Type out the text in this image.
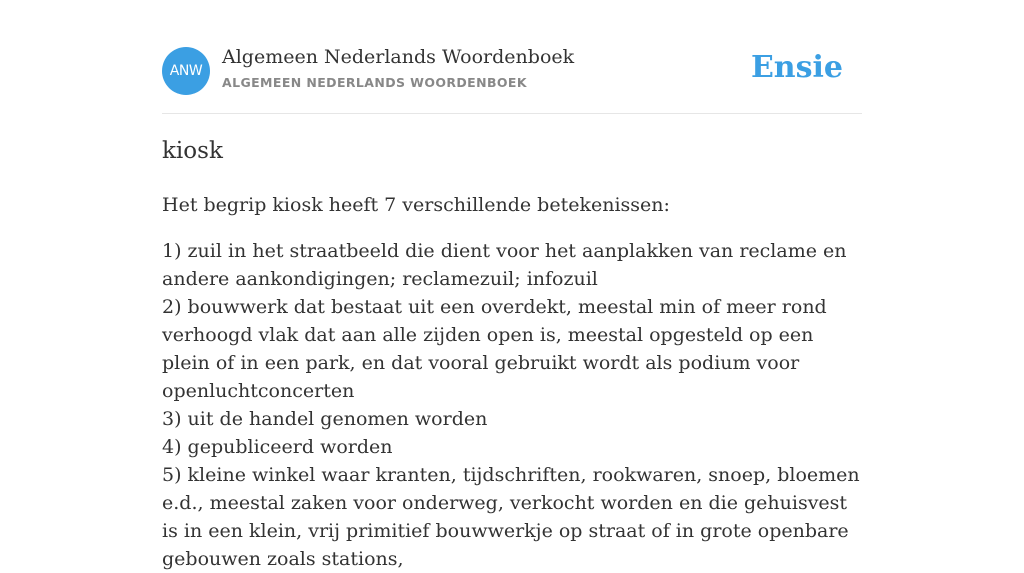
ANW
Algemeen Nederlands Woordenboek
ALGEMEEN NEDERLANDS WOORDENBOEK	Ensie
kiosk

Het begrip kiosk heeft 7 verschillende betekenissen:

1) zuil in het straatbeeld die dient voor het aanplakken van reclame en andere aankondigingen; reclamezuil; infozuil
2) bouwwerk dat bestaat uit een overdekt, meestal min of meer rond verhoogd vlak dat aan alle zijden open is, meestal opgesteld op een plein of in een park, en dat vooral gebruikt wordt als podium voor openluchtconcerten
3) uit de handel genomen worden
4) gepubliceerd worden
5) kleine winkel waar kranten, tijdschriften, rookwaren, snoep, bloemen e.d., meestal zaken voor onderweg, verkocht worden en die gehuisvest is in een klein, vrij primitief bouwwerkje op straat of in grote openbare gebouwen zoals stations,
